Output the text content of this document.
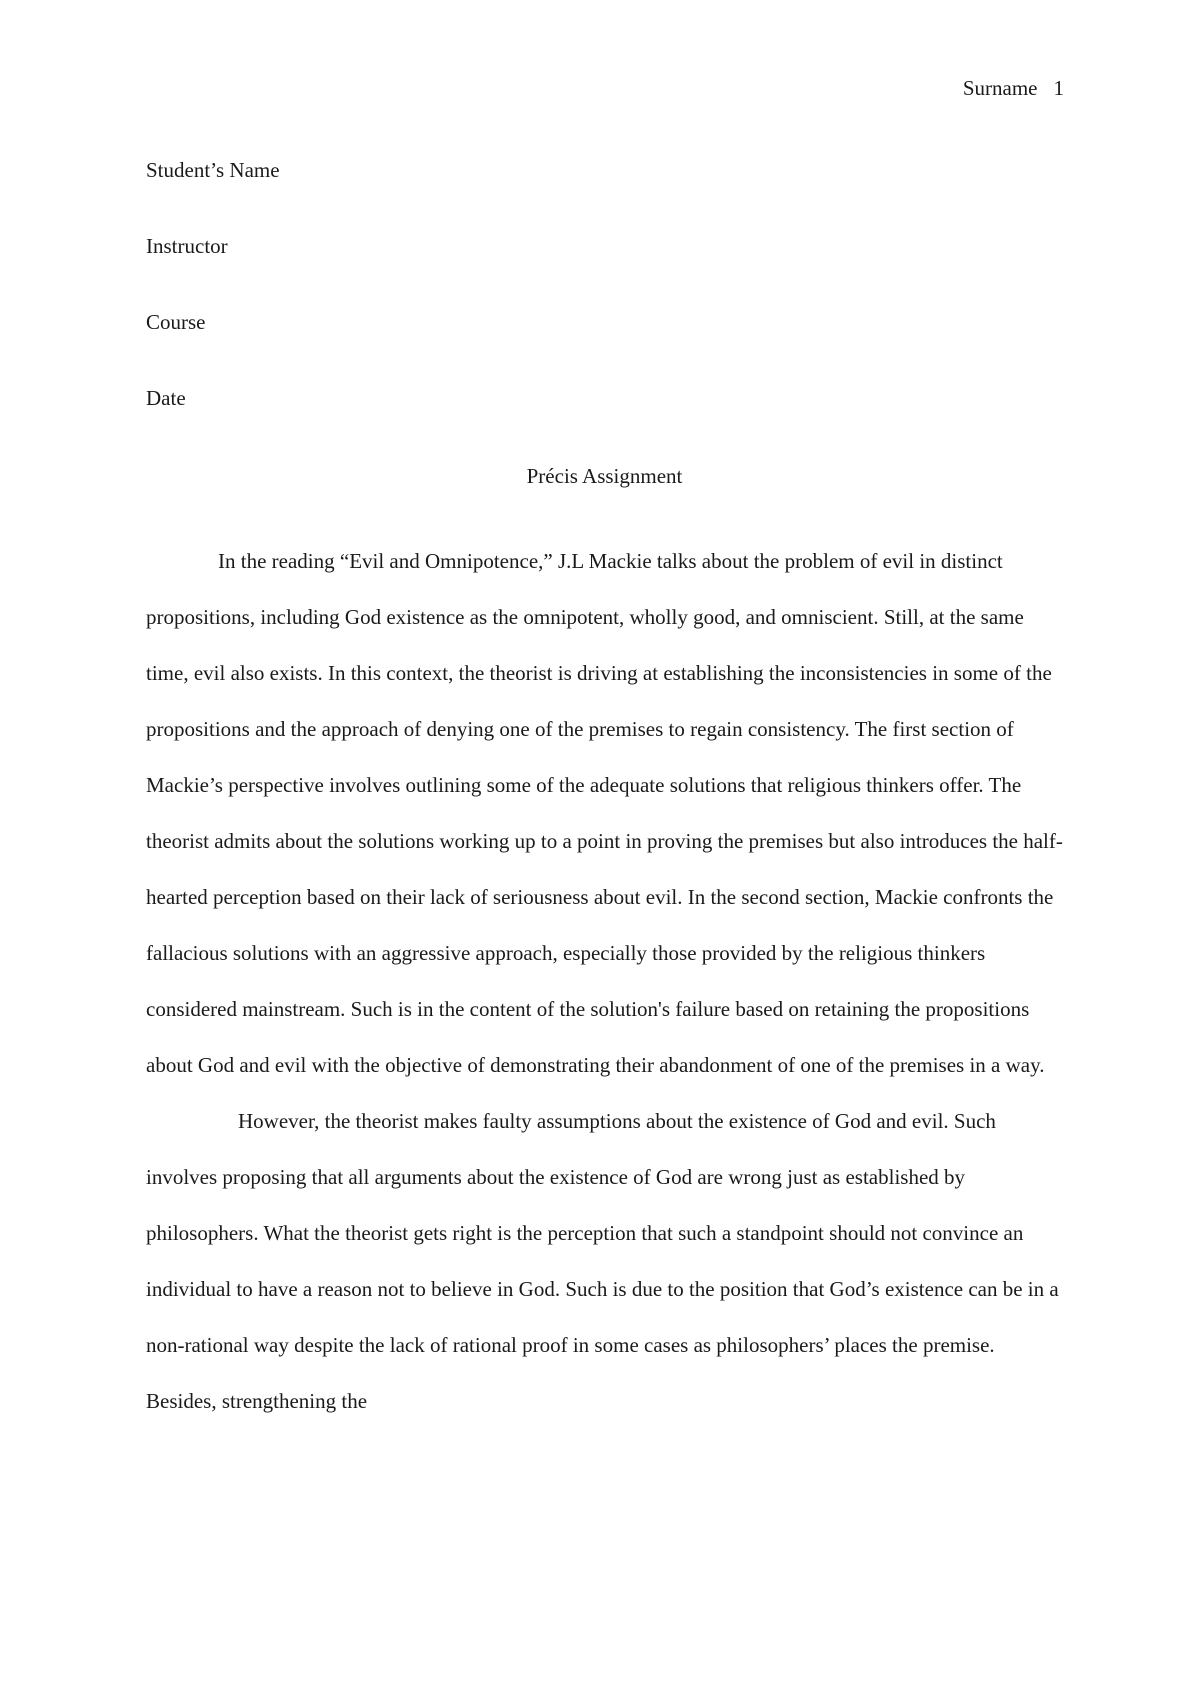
Surname 1
Student’s Name
Instructor
Course
Date
Précis Assignment

In the reading “Evil and Omnipotence,” J.L Mackie talks about the problem of evil in distinct propositions, including God existence as the omnipotent, wholly good, and omniscient. Still, at the same time, evil also exists. In this context, the theorist is driving at establishing the inconsistencies in some of the propositions and the approach of denying one of the premises to regain consistency. The first section of Mackie’s perspective involves outlining some of the adequate solutions that religious thinkers offer. The theorist admits about the solutions working up to a point in proving the premises but also introduces the half-hearted perception based on their lack of seriousness about evil. In the second section, Mackie confronts the fallacious solutions with an aggressive approach, especially those provided by the religious thinkers considered mainstream. Such is in the content of the solution's failure based on retaining the propositions about God and evil with the objective of demonstrating their abandonment of one of the premises in a way.

However, the theorist makes faulty assumptions about the existence of God and evil. Such involves proposing that all arguments about the existence of God are wrong just as established by philosophers. What the theorist gets right is the perception that such a standpoint should not convince an individual to have a reason not to believe in God. Such is due to the position that God’s existence can be in a non-rational way despite the lack of rational proof in some cases as philosophers’ places the premise. Besides, strengthening the
